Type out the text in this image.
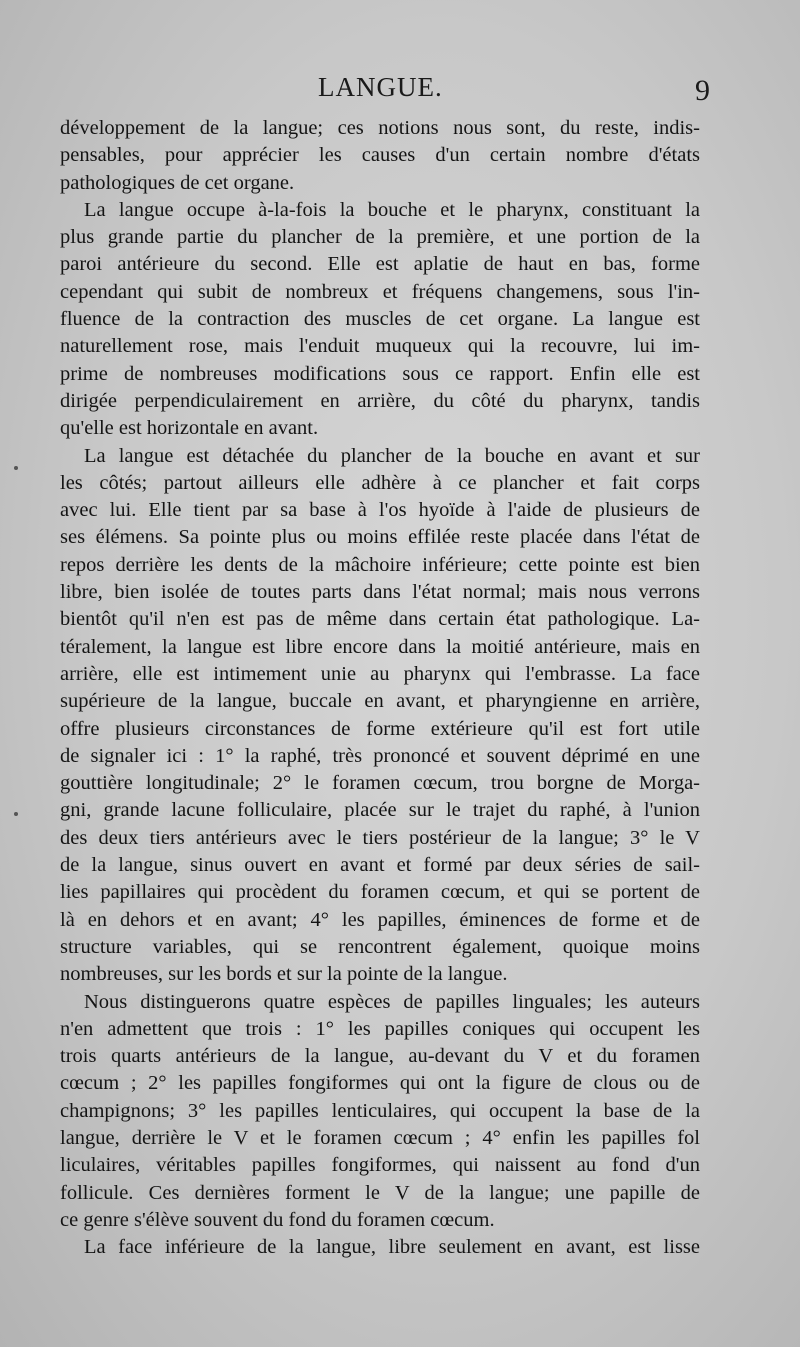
LANGUE.	9
développement de la langue; ces notions nous sont, du reste, indis-
pensables, pour apprécier les causes d'un certain nombre d'états
pathologiques de cet organe.
La langue occupe à-la-fois la bouche et le pharynx, constituant la
plus grande partie du plancher de la première, et une portion de la
paroi antérieure du second. Elle est aplatie de haut en bas, forme
cependant qui subit de nombreux et fréquens changemens, sous l'in-
fluence de la contraction des muscles de cet organe. La langue est
naturellement rose, mais l'enduit muqueux qui la recouvre, lui im-
prime de nombreuses modifications sous ce rapport. Enfin elle est
dirigée perpendiculairement en arrière, du côté du pharynx, tandis
qu'elle est horizontale en avant.
La langue est détachée du plancher de la bouche en avant et sur
les côtés; partout ailleurs elle adhère à ce plancher et fait corps
avec lui. Elle tient par sa base à l'os hyoïde à l'aide de plusieurs de
ses élémens. Sa pointe plus ou moins effilée reste placée dans l'état de
repos derrière les dents de la mâchoire inférieure; cette pointe est bien
libre, bien isolée de toutes parts dans l'état normal; mais nous verrons
bientôt qu'il n'en est pas de même dans certain état pathologique. La-
téralement, la langue est libre encore dans la moitié antérieure, mais en
arrière, elle est intimement unie au pharynx qui l'embrasse. La face
supérieure de la langue, buccale en avant, et pharyngienne en arrière,
offre plusieurs circonstances de forme extérieure qu'il est fort utile
de signaler ici : 1° la raphé, très prononcé et souvent déprimé en une
gouttière longitudinale; 2° le foramen cœcum, trou borgne de Morga-
gni, grande lacune folliculaire, placée sur le trajet du raphé, à l'union
des deux tiers antérieurs avec le tiers postérieur de la langue; 3° le V
de la langue, sinus ouvert en avant et formé par deux séries de sail-
lies papillaires qui procèdent du foramen cœcum, et qui se portent de
là en dehors et en avant; 4° les papilles, éminences de forme et de
structure variables, qui se rencontrent également, quoique moins
nombreuses, sur les bords et sur la pointe de la langue.
Nous distinguerons quatre espèces de papilles linguales; les auteurs
n'en admettent que trois : 1° les papilles coniques qui occupent les
trois quarts antérieurs de la langue, au-devant du V et du foramen
cœcum ; 2° les papilles fongiformes qui ont la figure de clous ou de
champignons; 3° les papilles lenticulaires, qui occupent la base de la
langue, derrière le V et le foramen cœcum ; 4° enfin les papilles fol
liculaires, véritables papilles fongiformes, qui naissent au fond d'un
follicule. Ces dernières forment le V de la langue; une papille de
ce genre s'élève souvent du fond du foramen cœcum.
La face inférieure de la langue, libre seulement en avant, est lisse
